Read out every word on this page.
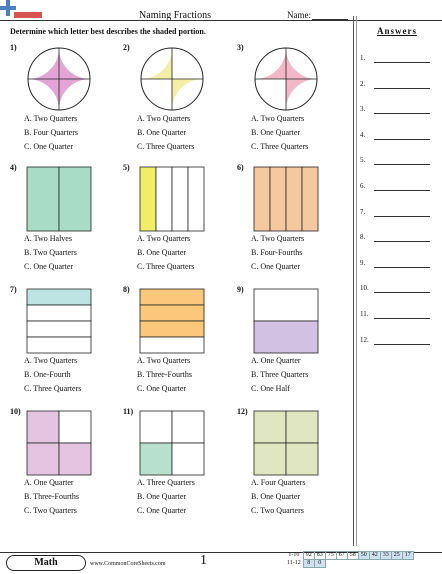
Naming Fractions	Name:
Determine which letter best describes the shaded portion.	Answers
1.
2.
3.
4.
5.
6.
7.
8.
9.
10.
11.
12.
1)
A. Two Quarters
B. Four Quarters
C. One Quarter
2)
A. Two Quarters
B. One Quarter
C. Three Quarters
3)
A. Two Quarters
B. One Quarter
C. Three Quarters
4)
A. Two Halves
B. Two Quarters
C. One Quarter
5)
A. Two Quarters
B. One Quarter
C. Three Quarters
6)
A. Two Quarters
B. Four-Fourths
C. One Quarter
7)
A. Two Quarters
B. One-Fourth
C. Three Quarters
8)
A. Two Quarters
B. Three-Fourths
C. One Quarter
9)
A. One Quarter
B. Three Quarters
C. One Half
10)
A. One Quarter
B. Three-Fourths
C. Two Quarters
11)
A. Three Quarters
B. One Quarter
C. One Quarter
12)
A. Four Quarters
B. One Quarter
C. Two Quarters
Math	www.CommonCoreSheets.com 1	1-10	92	83	75	67	58	50	42	33	25	17
11-12	8	0								
